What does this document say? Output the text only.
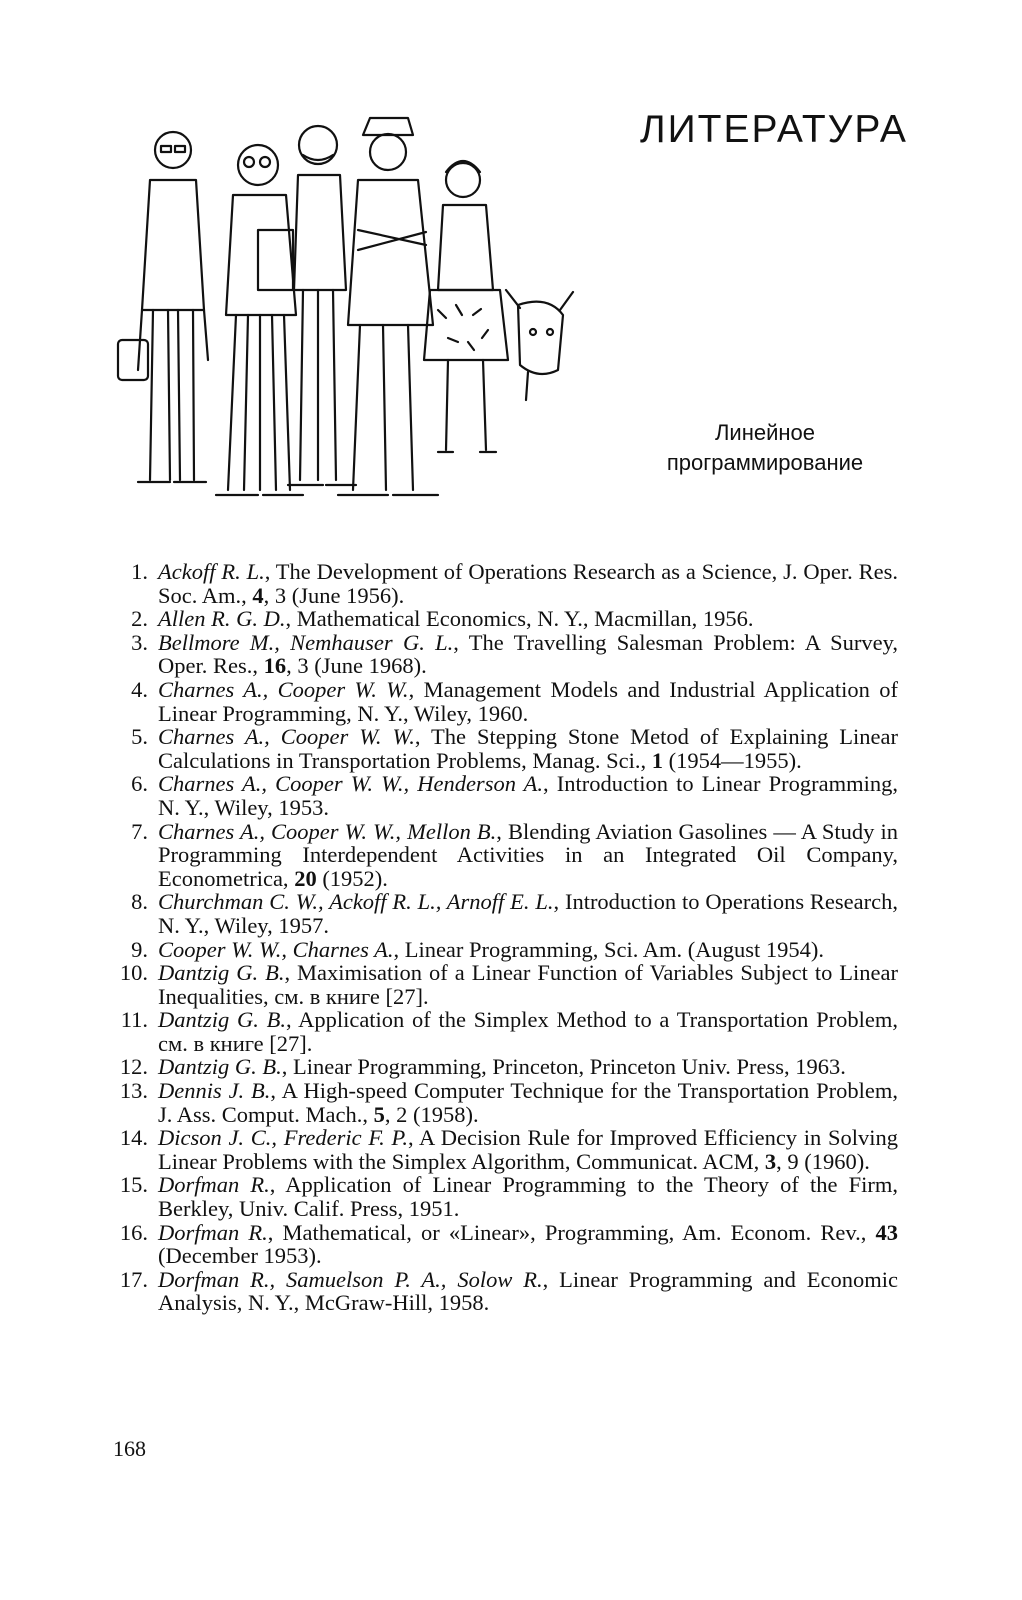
ЛИТЕРАТУРА
Линейное
программирование
1. Ackoff R. L., The Development of Operations Research as a Science, J. Oper. Res. Soc. Am., 4, 3 (June 1956).
2. Allen R. G. D., Mathematical Economics, N. Y., Macmillan, 1956.
3. Bellmore M., Nemhauser G. L., The Travelling Salesman Problem: A Survey, Oper. Res., 16, 3 (June 1968).
4. Charnes A., Cooper W. W., Management Models and Industrial Application of Linear Programming, N. Y., Wiley, 1960.
5. Charnes A., Cooper W. W., The Stepping Stone Metod of Explaining Linear Calculations in Transportation Problems, Manag. Sci., 1 (1954—1955).
6. Charnes A., Cooper W. W., Henderson A., Introduction to Linear Programming, N. Y., Wiley, 1953.
7. Charnes A., Cooper W. W., Mellon B., Blending Aviation Gasolines — A Study in Programming Interdependent Activities in an Integrated Oil Company, Econometrica, 20 (1952).
8. Churchman C. W., Ackoff R. L., Arnoff E. L., Introduction to Operations Research, N. Y., Wiley, 1957.
9. Cooper W. W., Charnes A., Linear Programming, Sci. Am. (August 1954).
10. Dantzig G. B., Maximisation of a Linear Function of Variables Subject to Linear Inequalities, см. в книге [27].
11. Dantzig G. B., Application of the Simplex Method to a Transportation Problem, см. в книге [27].
12. Dantzig G. B., Linear Programming, Princeton, Princeton Univ. Press, 1963.
13. Dennis J. B., A High-speed Computer Technique for the Transportation Problem, J. Ass. Comput. Mach., 5, 2 (1958).
14. Dicson J. C., Frederic F. P., A Decision Rule for Improved Efficiency in Solving Linear Problems with the Simplex Algorithm, Communicat. ACM, 3, 9 (1960).
15. Dorfman R., Application of Linear Programming to the Theory of the Firm, Berkley, Univ. Calif. Press, 1951.
16. Dorfman R., Mathematical, or «Linear», Programming, Am. Econom. Rev., 43 (December 1953).
17. Dorfman R., Samuelson P. A., Solow R., Linear Programming and Economic Analysis, N. Y., McGraw-Hill, 1958.
168
